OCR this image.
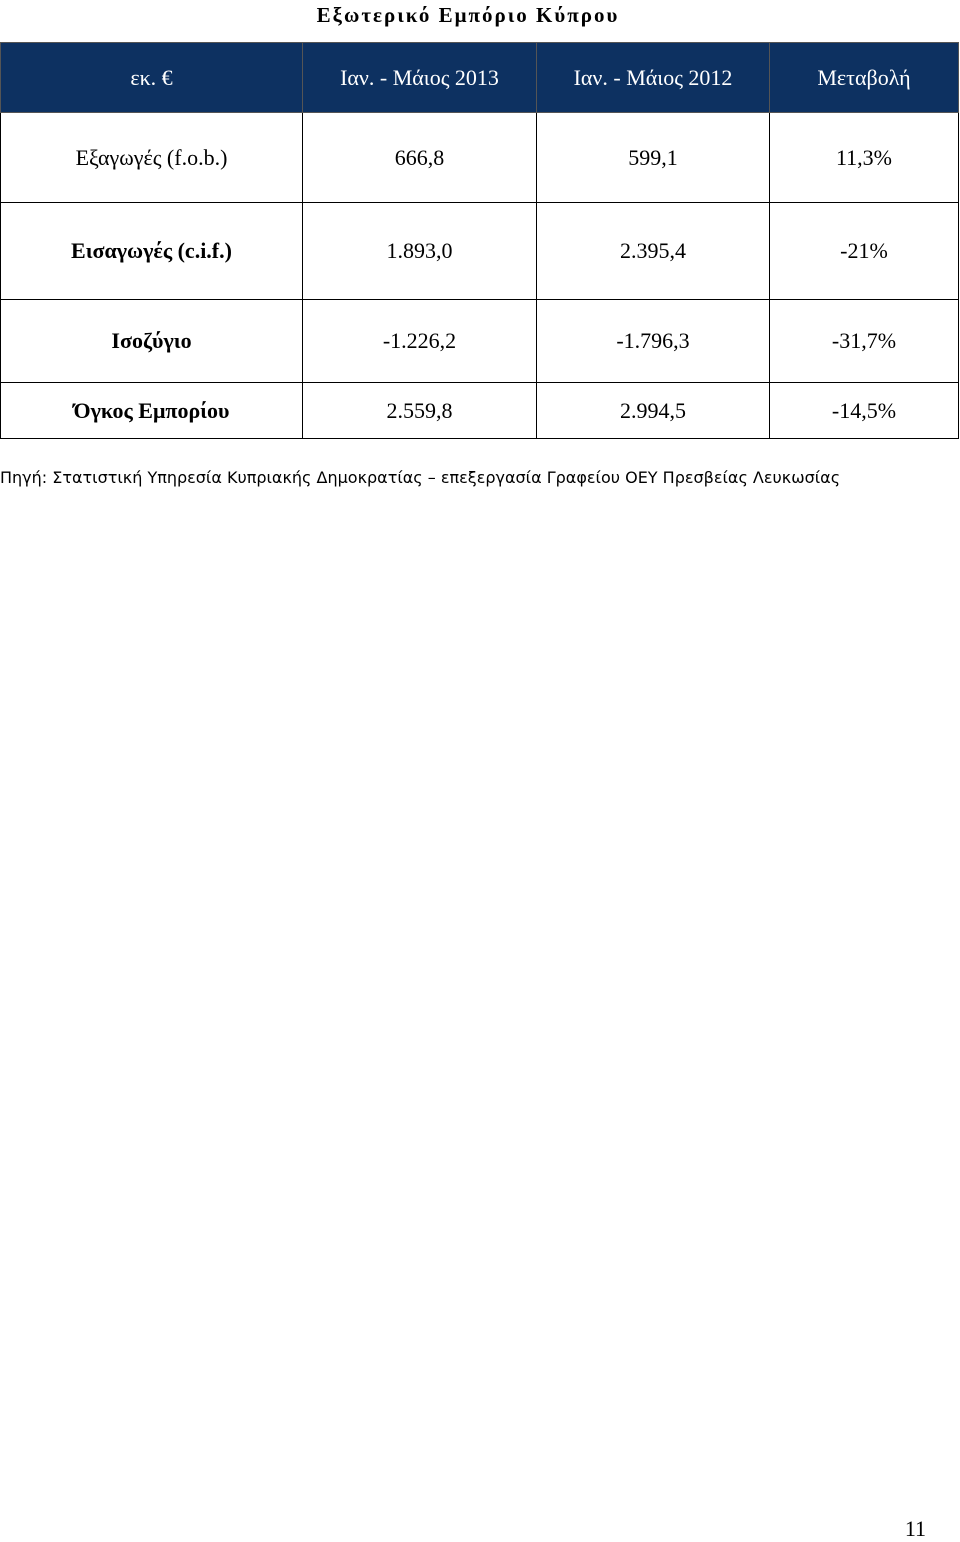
Εξωτερικό Εμπόριο Κύπρου
εκ. €	Ιαν. - Μάιος 2013	Ιαν. - Μάιος 2012	Μεταβολή
Εξαγωγές (f.o.b.)	666,8	599,1	11,3%
Εισαγωγές (c.i.f.)	1.893,0	2.395,4	-21%
Ισοζύγιο	-1.226,2	-1.796,3	-31,7%
Όγκος Εμπορίου	2.559,8	2.994,5	-14,5%
Πηγή: Στατιστική Υπηρεσία Κυπριακής Δημοκρατίας – επεξεργασία Γραφείου ΟΕΥ Πρεσβείας Λευκωσίας
11
